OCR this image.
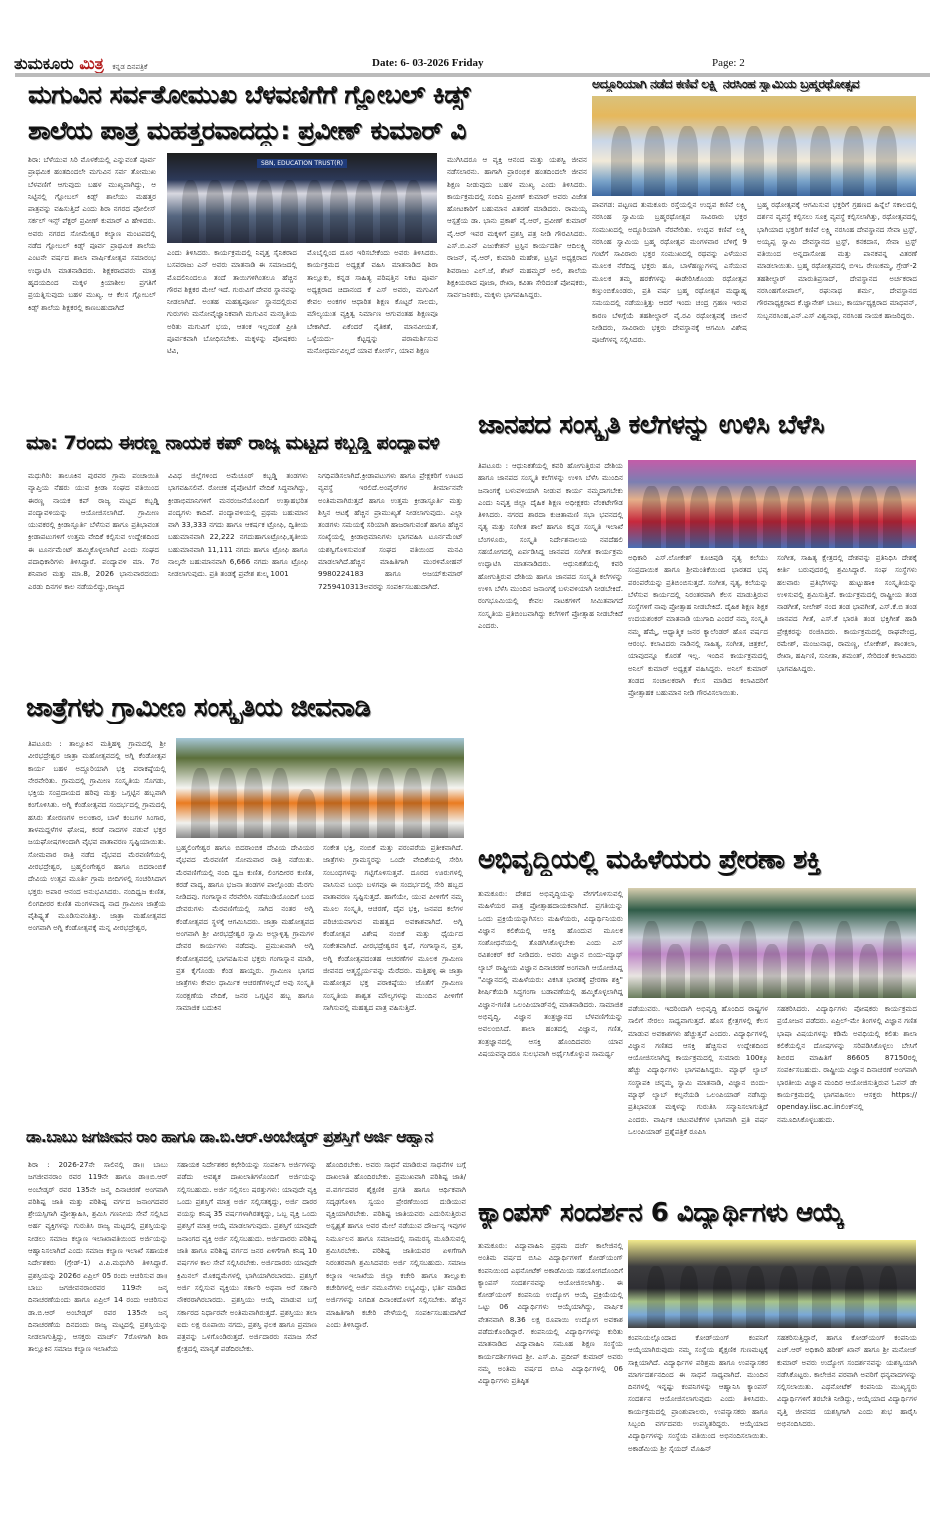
ತುಮಕೂರು ಮಿತ್ರ ಕನ್ನಡ ದಿನಪತ್ರಿಕೆ	Date: 6- 03-2026 Friday	Page: 2
ಮಗುವಿನ ಸರ್ವತೋಮುಖ ಬೆಳವಣಿಗೆಗೆ ಗ್ಲೋಬಲ್ ಕಿಡ್ಸ್
ಶಾಲೆಯ ಪಾತ್ರ ಮಹತ್ತರವಾದದ್ದು: ಪ್ರವೀಣ್ ಕುಮಾರ್ ವಿ
ಶಿರಾ: ಬೆಳೆಯುವ ಸಿರಿ ಮೊಳಕೆಯಲ್ಲಿ ಎನ್ನುವಂತೆ ಪೂರ್ವ ಪ್ರಾಥಮಿಕ ಹಂತದಿಂದಲೇ ಮಗುವಿನ ಸರ್ವ ತೋಮುಖ ಬೆಳವಣಿಗೆ ಆಗುವುದು ಬಹಳ ಮುಖ್ಯವಾಗಿದ್ದು, ಆ ನಿಟ್ಟಿನಲ್ಲಿ ಗ್ಲೋಬಲ್ ಕಿಡ್ಸ್ ಶಾಲೆಯು ಮಹತ್ತರ ಪಾತ್ರವನ್ನು ವಹಿಸುತ್ತಿದೆ ಎಂದು ಶಿರಾ ನಗರದ ಪೋಲೀಸ್ ಸರ್ಕಲ್ ಇನ್ಸ್ ಪೆಕ್ಟರ್ ಪ್ರವೀಣ್ ಕುಮಾರ್ ವಿ ಹೇಳಿದರು. ಅವರು ನಗರದ ಸೋಮೇಶ್ವರ ಕಲ್ಯಾಣ ಮಂಟಪದಲ್ಲಿ ನಡೆದ ಗ್ಲೋಬಲ್ ಕಿಡ್ಸ್ ಪೂರ್ವ ಪ್ರಾಥಮಿಕ ಶಾಲೆಯ ಎಂಟನೇ ವರ್ಷದ ಶಾಲಾ ವಾರ್ಷಿಕೋತ್ಸವ ಸಮಾರಂಭ ಉದ್ಘಾಟಿಸಿ ಮಾತನಾಡಿದರು. ಶಿಕ್ಷಕರಾದವರು ಮಾತ್ರ ಹೃದಯದಿಂದ ಮಕ್ಕಳ ಕ್ರಿಯಾಶೀಲ ಪ್ರಗತಿಗೆ ಪ್ರಯತ್ನಿಸುವುದು ಬಹಳ ಮುಖ್ಯ. ಆ ಕೆಲಸ ಗ್ಲೋಬಲ್ ಕಿಡ್ಸ್ ಶಾಲೆಯ ಶಿಕ್ಷಕರಲ್ಲಿ ಕಾಣಬಹುದಾಗಿದೆ
SBN, EDUCATION TRUST(R)
ಎಂದು ತಿಳಿಸಿದರು. ಕಾರ್ಯಕ್ರಮದಲ್ಲಿ ನಿವೃತ್ತ ಸೈನಿಕರಾದ ಬಸವರಾಜು ಎನ್ ಅವರು ಮಾತನಾಡಿ ಈ ಸಮಾಜದಲ್ಲಿ ಮೊದಲಿನಿಂದಲೂ ತಂದೆ ತಾಯಿಗಳಿಗಿಂತಲೂ ಹೆಚ್ಚಿನ ಗೌರವ ಶಿಕ್ಷಕರ ಮೇಲೆ ಇದೆ. ಗುರುವಿಗೆ ದೇವರ ಸ್ಥಾನವನ್ನು ನೀಡಲಾಗಿದೆ. ಅಂತಹ ಮಹತ್ವಪೂರ್ಣ ಸ್ಥಾನದಲ್ಲಿರುವ ಗುರುಗಳು ಮನೋವೈಜ್ಞಾನಿಕವಾಗಿ ಮಗುವಿನ ಮನಸ್ಥಿತಿಯ ಅರಿತು ಮಗುವಿಗೆ ಭಯ, ಆತಂಕ ಇಲ್ಲದಂತೆ ಪ್ರೀತಿ ಪೂರ್ವಕವಾಗಿ ಬೋಧಿಸಬೇಕು. ಮಕ್ಕಳನ್ನು ಪೋಷಕರು ಟಿವಿ,
ಮೊಬೈಲ್ಲಿಂದ ದೂರ ಇರಿಸಬೇಕೆಂದು ಅವರು ತಿಳಿಸಿದರು. ಕಾರ್ಯಕ್ರಮದ ಅಧ್ಯಕ್ಷತೆ ವಹಿಸಿ ಮಾತನಾಡಿದ ಶಿರಾ ತಾಲ್ಲೂಕು, ಕನ್ನಡ ಸಾಹಿತ್ಯ ಪರಿಷತ್ತಿನ ನಿಕಟ ಪೂರ್ವ ಅಧ್ಯಕ್ಷರಾದ ಚಿದಾನಂದ ಕೆ ಎಸ್ ಅವರು, ಮಗುವಿಗೆ ಕೇವಲ ಅಂಕಗಳ ಆಧಾರಿತ ಶಿಕ್ಷಣ ಕೊಟ್ಟರೆ ಸಾಲದು, ಮೌಲ್ಯಯುತ ವ್ಯಕ್ತಿತ್ವ ನಿರ್ಮಾಣ ಆಗುವಂತಹ ಶಿಕ್ಷಣವೂ ಬೇಕಾಗಿದೆ. ಏಕೆಂದರೆ ನೈತಿಕತೆ, ಮಾನವೀಯತೆ, ಒಳ್ಳೆಯದು- ಕೆಟ್ಟದ್ದನ್ನು ಪರಾಮರ್ಶಿಸುವ ಮನೋಧರ್ಮವಿಲ್ಲದೆ ಯಾವ ಕೋರ್ಸ್, ಯಾವ ಶಿಕ್ಷಣ
ಮುಗಿಸಿದರೂ ಆ ವ್ಯಕ್ತಿ ಆನಂದ ಮತ್ತು ಯಶಸ್ವಿ ಜೀವನ ನಡೆಸಲಾರನು. ಹಾಗಾಗಿ ಪ್ರಾರಂಭಿಕ ಹಂತದಿಂದಲೇ ಜೀವನ ಶಿಕ್ಷಣ ನೀಡುವುದು ಬಹಳ ಮುಖ್ಯ ಎಂದು ತಿಳಿಸಿದರು. ಕಾರ್ಯಕ್ರಮದಲ್ಲಿ ಸಂದಿನಿ ಪ್ರವೀಣ್ ಕುಮಾರ್ ಅವರು ವಿಜೇತ ಹೋಟಕಾರಿಗೆ ಬಹುಮಾನ ವಿತರಣೆ ಮಾಡಿದರು. ರಾಮಯ್ಯ ಆಸ್ಪತ್ರೆಯ ಡಾ. ಭಾನು ಪ್ರಕಾಶ್ ವೈ.ಆರ್, ಪ್ರವೀಣ್ ಕುಮಾರ್ ವೈ.ಆರ್ ಇವರ ಮಕ್ಕಳಿಗೆ ಪ್ರಶಸ್ತಿ ಪತ್ರ ನೀಡಿ ಗೌರವಿಸಿದರು. ಎಸ್.ಬಿ.ಎನ್ ಎಜುಕೇಶನ್ ಟ್ರಸ್ಟಿನ ಕಾರ್ಯದರ್ಶಿ ಆದಿಲಕ್ಷ್ಮಿ ರಾಜನ್, ವೈ.ಆರ್, ಕುಮಾರಿ ಮಹೇಶ, ಟ್ರಸ್ಟಿನ ಅಧ್ಯಕ್ಷರಾದ ಶಿವರಾಜು ಎಲ್.ಜೆ, ಶೇಖ್ ಮಹಮ್ಮದ್ ಅಲಿ, ಶಾಲೆಯ ಶಿಕ್ಷಕಿಯರಾದ ಪೂಜಾ, ರೇಖಾ, ಕವಿತಾ ಸೇರಿದಂತೆ ಪೋಷಕರು, ಸಾರ್ವಜನಿಕರು, ಮಕ್ಕಳು ಭಾಗವಹಿಸಿದ್ದರು.
ಅದ್ದೂರಿಯಾಗಿ ನಡೆದ ಕಣಿವೆ ಲಕ್ಷ್ಮಿ ನರಸಿಂಹ ಸ್ವಾಮಿಯ ಬ್ರಹ್ಮರಥೋತ್ಸವ
ಪಾವಗಡ: ಪಟ್ಟಣದ ತುಮಕೂರು ರಸ್ತೆಯಲ್ಲಿನ ಉದ್ಭವ ಕಣಿವೆ ಲಕ್ಷ್ಮಿ ನರಸಿಂಹ ಸ್ವಾಮಿಯ ಬ್ರಹ್ಮರಥೋತ್ಸವ ಸಾವಿರಾರು ಭಕ್ತರ ಸಂಮುಖದಲ್ಲಿ ಅದ್ದೂರಿಯಾಗಿ ನೆರವೇರಿತು. ಉದ್ಭವ ಕಣಿವೆ ಲಕ್ಷ್ಮಿ ನರಸಿಂಹ ಸ್ವಾಮಿಯ ಬ್ರಹ್ಮ ರಥೋತ್ಸವ ಮಂಗಳವಾರ ಬೆಳಿಗ್ಗೆ 9 ಗಂಟೆಗೆ ಸಾವಿರಾರು ಭಕ್ತರ ಸಂಮುಖದಲ್ಲಿ ರಥವನ್ನು ಎಳೆಯುವ ಮೂಲಕ ನೆರೆದಿದ್ದ ಭಕ್ತರು ಹೂ, ಬಾಳೆಹಣ್ಣುಗಳನ್ನ ಎಸೆಯುವ ಮೂಲಕ ತಮ್ಮ ಹರಕೆಗಳನ್ನು ಈಡೇರಿಸಿಕೊಂಡು ರಥೋತ್ಸವ ಕಣ್ತುಂಬಿಕೊಂಡರು, ಪ್ರತಿ ವರ್ಷ ಬ್ರಹ್ಮ ರಥೋತ್ಸವ ಮಧ್ಯಾಹ್ನ ಸಮಯದಲ್ಲಿ ನಡೆಯುತ್ತಿತ್ತು ಆದರೆ ಇಂದು ಚಂದ್ರ ಗ್ರಹಣ ಇರುವ ಕಾರಣ ಬೆಳಿಗ್ಗೆಯೆ ತಹಶೀಲ್ದಾರ್ ವೈ.ರವಿ ರಥೋತ್ಸವಕ್ಕೆ ಚಾಲನೆ ನೀಡಿದರು, ಸಾವಿರಾರು ಭಕ್ತರು ದೇವಸ್ಥಾನಕ್ಕೆ ಆಗಮಿಸಿ ವಿಶೇಷ ಪೂಜೆಗಳನ್ನ ಸಲ್ಲಿಸಿದರು.
ಬ್ರಹ್ಮ ರಥೋತ್ಸವಕ್ಕೆ ಆಗಮಿಸುವ ಭಕ್ತರಿಗೆ ಗ್ರಹಣದ ಹಿನ್ನೆಲೆ ಸಕಾಲದಲ್ಲಿ ದರ್ಶನ ವ್ಯವಸ್ಥೆ ಕಲ್ಪಿಸಲು ಸೂಕ್ತ ವ್ಯವಸ್ಥೆ ಕಲ್ಪಿಸಲಾಗಿತ್ತು, ರಥೋತ್ಸವದಲ್ಲಿ ಭಾಗಿಯಾದ ಭಕ್ತರಿಗೆ ಕಣಿವೆ ಲಕ್ಷ್ಮಿ ನರಸಿಂಹ ದೇವಸ್ಥಾನದ ಸೇವಾ ಟ್ರಸ್ಟ್, ಅಯ್ಯಪ್ಪ ಸ್ವಾಮಿ ದೇವಸ್ಥಾನದ ಟ್ರಸ್ಟ್, ಕನಕದಾಸ, ಸೇವಾ ಟ್ರಸ್ಟ್ ವತಿಯಿಂದ ಅನ್ನದಾಸೋಹ ಮತ್ತು ಪಾನಕವನ್ನ ವಿತರಣೆ ಮಾಡಲಾಯಿತು. ಬ್ರಹ್ಮ ರಥೋತ್ಸವದಲ್ಲಿ ಬಿಇಒ ರೇಣುಕಮ್ಮ, ಗ್ರೇಡ್-2 ತಹಶೀಲ್ದಾರ್ ಮಾರುತಿಪ್ರಸಾದ್, ದೇವಸ್ಥಾನದ ಅರ್ಚಕರಾದ ನರಸಿಂಹಗೋಪಾಲ್, ರಘುನಾಥ ಶರ್ಮ, ದೇವಸ್ಥಾನದ ಗೌರವಾಧ್ಯಕ್ಷರಾದ ಕೆ.ಜ್ಞಾನೇಶ್ ಬಾಬು, ಕಾರ್ಯಾಧ್ಯಕ್ಷರಾದ ಮಾಧವನ್, ಸುಬ್ಬನರಸಿಂಹ,ಎನ್.ಎಸ್ ವಿಶ್ವನಾಥ, ನರಸಿಂಹ ನಾಯಕ ಹಾಜರಿದ್ದರು.
ಮಾ: 7ರಂದು ಈರಣ್ಣ ನಾಯಕ ಕಪ್ ರಾಜ್ಯ ಮಟ್ಟದ ಕಬ್ಬಡ್ಡಿ ಪಂದ್ಯಾವಳಿ
ಮಧುಗಿರಿ: ತಾಲೂಕಿನ ಪುರವರ ಗ್ರಾಮ ಪಂಚಾಯಿತಿ ವ್ಯಾಪ್ತಿಯ ನೆಹರು ಯುವ ಕ್ರೀಡಾ ಸಂಘದ ವತಿಯಿಂದ ಈರಣ್ಣ ನಾಯಕ ಕಪ್ ರಾಜ್ಯ ಮಟ್ಟದ ಕಬ್ಬಡ್ಡಿ ಪಂದ್ಯಾವಳಿಯನ್ನು ಆಯೋಜಿಸಲಾಗಿದೆ. ಗ್ರಾಮೀಣ ಯುವಕರಲ್ಲಿ ಕ್ರೀಡಾಸ್ಫೂರ್ತಿ ಬೆಳೆಸುವ ಹಾಗೂ ಪ್ರತಿಭಾವಂತ ಕ್ರೀಡಾಪಟುಗಳಿಗೆ ಉತ್ತಮ ವೇದಿಕೆ ಕಲ್ಪಿಸುವ ಉದ್ದೇಶದಿಂದ ಈ ಟೂರ್ನಮೆಂಟ್ ಹಮ್ಮಿಕೊಳ್ಳಲಾಗಿದೆ ಎಂದು ಸಂಘದ ಪದಾಧಿಕಾರಿಗಳು ತಿಳಿಸಿದ್ದಾರೆ. ಪಂದ್ಯಾವಳಿ ಮಾ. 7ರ ಶನಿವಾರ ಮತ್ತು ಮಾ.8, 2026 ಭಾನುವಾರದಂದು ಎರಡು ದಿನಗಳ ಕಾಲ ನಡೆಯಲಿದ್ದು,ರಾಜ್ಯದ
ವಿವಿಧ ಜಿಲ್ಲೆಗಳಿಂದ ಅಮೆಚೂರ್ ಕಬ್ಬಡ್ಡಿ ತಂಡಗಳು ಭಾಗವಹಿಸಲಿವೆ. ರೋಚಕ ಪೈಪೋಟಿಗೆ ವೇದಿಕೆ ಸಿದ್ಧವಾಗಿದ್ದು, ಕ್ರೀಡಾಭಿಮಾನಿಗಳಿಗೆ ಮನರಂಜನೆಯೊಂದಿಗೆ ಉತ್ಸಾಹಭರಿತ ಪಂದ್ಯಗಳು ಕಾದಿವೆ. ಪಂದ್ಯಾವಳಿಯಲ್ಲಿ ಪ್ರಥಮ ಬಹುಮಾನ ವಾಗಿ 33,333 ನಗದು ಹಾಗೂ ಆಕರ್ಷಕ ಟ್ರೋಫಿ, ದ್ವಿತೀಯ ಬಹುಮಾನವಾಗಿ 22,222 ನಗದುಹಾಗೂಟ್ರೋಫಿ,ತೃತೀಯ ಬಹುಮಾನವಾಗಿ 11,111 ನಗದು ಹಾಗೂ ಟ್ರೋಫಿ ಹಾಗೂ ನಾಲ್ಕನೇ ಬಹುಮಾನವಾಗಿ 6,666 ನಗದು ಹಾಗೂ ಟ್ರೋಫಿ ನೀಡಲಾಗುವುದು. ಪ್ರತಿ ತಂಡಕ್ಕೆ ಪ್ರವೇಶ ಶುಲ್ಕ 1001
ನಿಗಧಿಪಡಿಸಲಾಗಿದೆ.ಕ್ರೀಡಾಪಟುಗಳು ಹಾಗೂ ಪ್ರೇಕ್ಷಕರಿಗೆ ಊಟದ ವ್ಯವಸ್ಥೆ ಇರಲಿದೆ.ಅಂಪೈರ್‌ಗಳ ತೀರ್ಮಾನವೇ ಅಂತಿಮವಾಗಿರುತ್ತದೆ ಹಾಗೂ ಉತ್ತಮ ಕ್ರೀಡಾಸ್ಫೂರ್ತಿ ಮತ್ತು ಶಿಸ್ತಿನ ಆಟಕ್ಕೆ ಹೆಚ್ಚಿನ ಪ್ರಾಮುಖ್ಯತೆ ನೀಡಲಾಗುವುದು. ಎಲ್ಲಾ ತಂಡಗಳು ಸಮಯಕ್ಕೆ ಸರಿಯಾಗಿ ಹಾಜರಾಗುವಂತೆ ಹಾಗೂ ಹೆಚ್ಚಿನ ಸಂಖ್ಯೆಯಲ್ಲಿ ಕ್ರೀಡಾಭಿಮಾನಿಗಳು ಭಾಗವಹಿಸಿ ಟೂರ್ನಮೆಂಟ್ ಯಶಸ್ವಿಗೊಳಿಸುವಂತೆ ಸಂಘದ ವತಿಯಿಂದ ಮನವಿ ಮಾಡಲಾಗಿದೆ.ಹೆಚ್ಚಿನ ಮಾಹಿತಿಗಾಗಿ ಮುರಳಿಮೋಹನ್ 9980224183 ಹಾಗೂ ಅಜಯ್‌ಕುಮಾರ್ 7259410313ಅವರನ್ನು ಸಂಪರ್ಕಿಸಬಹುದಾಗಿದೆ.
ಜಾನಪದ ಸಂಸ್ಕೃತಿ ಕಲೆಗಳನ್ನು ಉಳಿಸಿ ಬೆಳೆಸಿ
ತಿಪಟೂರು : ಆಧುನಿಕತೆಯಲ್ಲಿ ಕವರಿ ಹೋಗುತ್ತಿರುವ ದೇಶಿಯ ಹಾಗೂ ಜಾನಪದ ಸಂಸ್ಕೃತಿ ಕಲೆಗಳನ್ನು ಉಳಿಸಿ ಬೆಳೆಸಿ ಮುಂದಿನ ಜನಾಂಗಕ್ಕೆ ಬಳುವಳಿಯಾಗಿ ನೀಡುವ ಕಾರ್ಯ ನಮ್ಮದಾಗಬೇಕು ಎಂದು ನಿವೃತ್ತ ಜಿಲ್ಲಾ ದೈಹಿಕ ಶಿಕ್ಷಣ ಅಧೀಕ್ಷಕರು ವೆಂಕಟೇಗೌಡ ತಿಳಿಸಿದರು. ನಗರದ ಶಾರದಾ ಕುಚಿತಾಮಣಿ ಸಭಾ ಭವನದಲ್ಲಿ ನೃತ್ಯ ಮತ್ತು ಸಂಗೀತ ಶಾಲೆ ಹಾಗೂ ಕನ್ನಡ ಸಂಸ್ಕೃತಿ ಇಲಾಖೆ ಬೆಂಗಳೂರು, ಸಂಸ್ಕೃತಿ ನಿರ್ದೇಶನಾಲಯ ನವದೆಹಲಿ ಸಹಯೋಗದಲ್ಲಿ ಏರ್ಪಡಿಸಿದ್ದ ಜಾನಪದ ಸಂಗೀತ ಕಾರ್ಯಕ್ರಮ ಉದ್ಘಾಟಿಸಿ ಮಾತನಾಡಿದರು. ಆಧುನಿಕತೆಯಲ್ಲಿ ಕವರಿ ಹೋಗುತ್ತಿರುವ ದೇಶಿಯ ಹಾಗೂ ಜಾನಪದ ಸಂಸ್ಕೃತಿ ಕಲೆಗಳನ್ನು ಉಳಿಸಿ ಬೆಳೆಸಿ ಮುಂದಿನ ಜನಾಂಗಕ್ಕೆ ಬಳುವಳಿಯಾಗಿ ನೀಡಬೇಕಿದೆ. ರಂಗಭೂಮಿಯಲ್ಲಿ ಕೇವಲ ನಾಟಕಗಳಿಗೆ ಸೀಮಿತವಾಗದೆ ಸಂಸ್ಕೃತಿಯ ಪ್ರತಿಬಿಂಬವಾಗಿದ್ದು ಕಲೆಗಳಿಗೆ ಪ್ರೋತ್ಸಾಹ ನೀಡಬೇಕಿದೆ ಎಂದರು.
ಅಧಿಕಾರಿ ಎಸ್.ಲೋಕೇಶ್ ಕೂಚಿಪುಡಿ ನೃತ್ಯ ಕಲೆಯು ಸಂಪ್ರದಾಯಿಕ ಹಾಗೂ ಶ್ರೀಮಂತಿಕೆಯಿಂದ ಭಾರತದ ಭವ್ಯ ಪರಂಪರೆಯನ್ನು ಪ್ರತಿಬಿಂಬಿಸುತ್ತದೆ. ಸಂಗೀತ, ನೃತ್ಯ, ಕಲೆಯನ್ನು ಬೆಳೆಸುವ ಕಾರ್ಯದಲ್ಲಿ ನಿರಂತರವಾಗಿ ಕೆಲಸ ಮಾಡುತ್ತಿರುವ ಸಂಸ್ಥೆಗಳಿಗೆ ನಾವು ಪ್ರೋತ್ಸಾಹ ನೀಡಬೇಕಿದೆ. ದೈಹಿಕ ಶಿಕ್ಷಣ ಶಿಕ್ಷಕ ಉದಯಶಂಕರ್ ಮಾತನಾಡಿ ಯುಗಾದಿ ಎಂದರೆ ನಮ್ಮ ಸಂಸ್ಕೃತಿ ನಮ್ಮ ಹೆಮ್ಮೆ, ಆಧ್ಯಾತ್ಮಿಕ ಜನರ ಕ್ಯಾಲೆಂಡರ್ ಹೊಸ ವರ್ಷದ ಆರಂಭ. ಕಲಾವಿದರು ನಾಡಿನಲ್ಲಿ ಸಾಹಿತ್ಯ, ಸಂಗೀತ, ಚಿತ್ರಕಲೆ, ಯಾವುದನ್ನೂ ಕೊರತೆ ಇಲ್ಲ. ಇಂದಿನ ಕಾರ್ಯಕ್ರಮದಲ್ಲಿ ಅನಿಲ್ ಕುಮಾರ್ ಅಧ್ಯಕ್ಷತೆ ವಹಿಸಿದ್ದರು. ಅನಿಲ್ ಕುಮಾರ್ ತಂಡದ ಸಂಚಾಲಕರಾಗಿ ಕೆಲಸ ಮಾಡಿದ ಕಲಾವಿದರಿಗೆ ಪ್ರೋತ್ಸಾಹಕ ಬಹುಮಾನ ನೀಡಿ ಗೌರವಿಸಲಾಯಿತು.
ಸಂಗೀತ, ಸಾಹಿತ್ಯ ಕ್ಷೇತ್ರದಲ್ಲಿ ದೇಶವನ್ನು ಪ್ರತಿನಿಧಿಸಿ ದೇಶಕ್ಕೆ ಕೀರ್ತಿ ಬರುವುದರಲ್ಲಿ ಶ್ರಮಿಸಿದ್ದಾರೆ. ಸಂಘ ಸಂಸ್ಥೆಗಳು ಹಲವಾರು ಪ್ರತಿಭೆಗಳನ್ನು ಹುಟ್ಟುಹಾಕಿ ಸಂಸ್ಕೃತಿಯನ್ನು ಉಳಿಸುವಲ್ಲಿ ಶ್ರಮಿಸುತ್ತಿವೆ. ಕಾರ್ಯಕ್ರಮದಲ್ಲಿ ರಾಷ್ಟ್ರೀಯ ತಂಡ ನಾಡಗೀತೆ, ನೀಲೇಶ್ ನಂದ ತಂಡ ಭಾವಗೀತೆ, ಎಸ್.ಕೆ.ಬಿ ತಂಡ ಜಾನಪದ ಗೀತೆ, ಎಸ್.ಕೆ ಭಾರತಿ ತಂಡ ಭಕ್ತಿಗೀತೆ ಹಾಡಿ ಪ್ರೇಕ್ಷಕರನ್ನು ರಂಜಿಸಿದರು. ಕಾರ್ಯಕ್ರಮದಲ್ಲಿ ರಾಘವೇಂದ್ರ, ರಮೇಶ್, ಮಂಜುನಾಥ, ರಾಮಣ್ಣ, ಲೋಕೇಶ್, ಶಾಂತಲಾ, ರೇಖಾ, ಹರ್ಷಿಣಿ, ಸುನೀತಾ, ಶಮಂತ್, ಸೇರಿದಂತೆ ಕಲಾವಿದರು ಭಾಗವಹಿಸಿದ್ದರು.
ಜಾತ್ರೆಗಳು ಗ್ರಾಮೀಣ ಸಂಸ್ಕೃತಿಯ ಜೀವನಾಡಿ
ತಿಪಟೂರು : ತಾಲ್ಲೂಕಿನ ಮತ್ತಿಹಳ್ಳಿ ಗ್ರಾಮದಲ್ಲಿ ಶ್ರೀ ವೀರಭದ್ರೇಶ್ವರ ಜಾತ್ರಾ ಮಹೋತ್ಸವದಲ್ಲಿ ಅಗ್ನಿ ಕೆಂಡೋತ್ಸವ ಕಾರ್ಯ ಬಹಳ ಅದ್ದೂರಿಯಾಗಿ ಭಕ್ತಿ ಪರಾಕಷ್ಠೆಯಲ್ಲಿ ನೇರವೇರಿತು. ಗ್ರಾಮದಲ್ಲಿ ಗ್ರಾಮೀಣ ಸಂಸ್ಕೃತಿಯ ಸೊಗಡು, ಭಕ್ತಿಯ ಸಂಪ್ರದಾಯದ ಹರಿವು ಮತ್ತು ಒಗ್ಗಟ್ಟಿನ ಹಬ್ಬವಾಗಿ ಕಂಗೊಳಿಸಿತು. ಅಗ್ನಿ ಕೆಂಡೋತ್ಸವದ ಸಂದರ್ಭದಲ್ಲಿ ಗ್ರಾಮದಲ್ಲಿ ಹಸಿರು ತೋರಣಗಳ ಅಲಂಕಾರ, ಬಾಳೆ ಕಂಬಗಳ ಸಿಂಗಾರ, ತಾಳಮದ್ದಳೆಗಳ ಘೋಷ, ಕರಡೆ ನಾದಗಳ ನಡುವೆ ಭಕ್ತರ ಜಯಘೋಷಗಳಿಂದಾಗಿ ವೈಭವ ವಾತಾವರಣ ಸೃಷ್ಟಿಯಾಯಿತು. ಸೋಮವಾರ ರಾತ್ರಿ ನಡೆದ ವೈಭವದ ಮೆರವಣಿಗೆಯಲ್ಲಿ ವೀರಭದ್ರೇಶ್ವರ, ಬ್ರಹ್ಮಲಿಂಗೇಶ್ವರ ಹಾಗೂ ಬಿದರಾಂಬಿಕೆ ದೇವಿಯ ಉತ್ಸವ ಮೂರ್ತಿ ಗ್ರಾಮ ಬೀದಿಗಳಲ್ಲಿ ಸಂಚರಿಸಿದಾಗ ಭಕ್ತರು ಅಪಾರ ಆನಂದ ಅನುಭವಿಸಿದರು. ನಂದಿಧ್ವಜ ಕುಣಿತ, ಲಿಂಗದೀರರ ಕುಣಿತ ಮಂಗಳವಾದ್ಯ ನಾದ ಗ್ರಾಮೀಣ ಜಾತ್ರೆಯ ವೈಶಿಷ್ಟ್ಯತೆ ಮೂಡಿಸುವಂತಿತ್ತು. ಜಾತ್ರಾ ಮಹೋತ್ಸವದ ಅಂಗವಾಗಿ ಅಗ್ನಿ ಕೆಂಡೋತ್ಸವಕ್ಕೆ ಮನ್ನ ವೀರಭದ್ರೇಶ್ವರ,
ಬ್ರಹ್ಮಲಿಂಗೇಶ್ವರ ಹಾಗೂ ಬಿದರಾಂಬಿಕ ದೇವಿಯ ದೇವಿಯರ ವೈಭವದ ಮೆರವಣಿಗೆ ಸೋಮವಾರ ರಾತ್ರಿ ನಡೆಯಿತು. ಮೆರವಣಿಗೆಯಲ್ಲಿ ನಂದಿ ಧ್ವಜ ಕುಣಿತ, ಲಿಂಗದೀರರ ಕುಣಿತ, ಕರಡೆ ವಾದ್ಯ, ಹಾಗೂ ಭಜನಾ ತಂಡಗಳ ಪಾಲ್ಗೊಂಡು ಮೆರಗು ನೀಡಿದವು. ಗಂಗಾಸ್ನಾನ ನೆರವೇರಿಸಿ ನಡೆಮುಡಿಯೊಂದಿಗೆ ಬಂದ ದೇವರುಗಳು ಮೆರವಣಿಗೆಯಲ್ಲಿ ಸಾಗಿದ ನಂತರ ಅಗ್ನಿ ಕೆಂಡೋತ್ಸವದ ಸ್ಥಳಕ್ಕೆ ಆಗಮಿಸಿದರು. ಜಾತ್ರಾ ಮಹೋತ್ಸವದ ಅಂಗವಾಗಿ ಶ್ರೀ ವೀರಭದ್ರೇಶ್ವರ ಸ್ವಾಮಿ ಅಲ್ಲಾಳ್ಳಿತ್ವ ಗ್ರಾಮಗಳ ದೇವರ ಕಾರ್ಯಗಳು ನಡೆದವು. ಪ್ರಮುಖವಾಗಿ ಅಗ್ನಿ ಕೆಂಡೋತ್ಸವದಲ್ಲಿ ಭಾಗವಹಿಸುವ ಭಕ್ತರು ಗಂಗಾಸ್ನಾನ ಮಾಡಿ, ವ್ರತ ಕೈಗೊಂಡು ಕೆಂಡ ಹಾಯ್ದರು. ಗ್ರಾಮೀಣ ಭಾಗದ ಜಾತ್ರೆಗಳು ಕೇವಲ ಧಾರ್ಮಿಕ ಆಚರಣೆಗಳಲ್ಲದೆ ಅವು ಸಂಸ್ಕೃತಿ ಸಂರಕ್ಷಣೆಯ ವೇದಿಕೆ, ಜನರ ಒಗ್ಗಟ್ಟಿನ ಹಬ್ಬ ಹಾಗೂ ಸಾಮಾಜಿಕ ಬದುಕಿನ
ಸಂಕೇತ ಭಕ್ತಿ, ನಂಬಿಕೆ ಮತ್ತು ಪರಂಪರೆಯ ಪ್ರತೀಕವಾಗಿದೆ. ಜಾತ್ರೆಗಳು ಗ್ರಾಮಸ್ಥರನ್ನು ಒಂದೇ ವೇದಿಕೆಯಲ್ಲಿ ಸೇರಿಸಿ ಸಂಬಂಧಗಳನ್ನು ಗಟ್ಟಿಗೊಳಿಸುತ್ತವೆ. ದೂರದ ಊರುಗಳಲ್ಲಿ ವಾಸಿಸುವ ಬಂಧು ಬಳಗವೂ ಈ ಸಂದರ್ಭದಲ್ಲಿ ಸೇರಿ ಹಬ್ಬದ ವಾತಾವರಣ ಸೃಷ್ಟಿಸುತ್ತದೆ. ಹಾಗೆಯೇ, ಯುವ ಪೀಳಿಗೆಗೆ ನಮ್ಮ ಮೂಲ ಸಂಸ್ಕೃತಿ, ಆಚರಣೆ, ದೈವ ಭಕ್ತಿ, ಜನಪದ ಕಲೆಗಳ ಪರಿಚಯವಾಗುವ ಮಹತ್ವದ ಅವಕಾಶವಾಗಿದೆ. ಅಗ್ನಿ ಕೆಂಡೋತ್ಸವ ವಿಶೇಷ ನಂಬಿಕೆ ಮತ್ತು ಧೈರ್ಯದ ಸಂಕೇತವಾಗಿದೆ. ವೀರಭದ್ರೇಶ್ವರನ ಕೃಪೆ, ಗಂಗಾಸ್ನಾನ, ವ್ರತ, ಅಗ್ನಿ ಕೆಂಡೋತ್ಸವದಂತಹ ಆಚರಣೆಗಳ ಮೂಲಕ ಗ್ರಾಮೀಣ ಜೀವನದ ಆತ್ಮಸ್ಥೈರ್ಯವನ್ನು ಮೆರೆದರು. ಮತ್ತಿಹಳ್ಳಿ ಈ ಜಾತ್ರಾ ಮಹೋತ್ಸವ ಭಕ್ತ ಪರಾಕಷ್ಠೆಯು ಜೊತೆಗೆ ಗ್ರಾಮೀಣ ಸಂಸ್ಕೃತಿಯ ಶಾಶ್ವತ ಮೌಲ್ಯಗಳನ್ನು ಮುಂದಿನ ಪೀಳಿಗೆಗೆ ಸಾಗಿಸುವಲ್ಲಿ ಮಹತ್ವದ ಪಾತ್ರ ವಹಿಸುತ್ತಿದೆ.
ಅಭಿವೃದ್ಧಿಯಲ್ಲಿ ಮಹಿಳೆಯರು ಪ್ರೇರಣಾ ಶಕ್ತಿ
ತುಮಕೂರು: ದೇಶದ ಅಭಿವೃದ್ಧಿಯನ್ನು ವೇಗಗೊಳಿಸುವಲ್ಲಿ ಮಹಿಳೆಯರ ಪಾತ್ರ ಪ್ರೋತ್ಸಾಹದಾಯಕವಾಗಿದೆ. ಪ್ರಗತಿಯನ್ನು ಒಂದು ಪ್ರಕ್ರಿಯೆಯನ್ನಾಗಿಸಲು ಮಹಿಳೆಯರು, ವಿದ್ಯಾರ್ಥಿನಿಯರು ವಿಜ್ಞಾನ ಕಲಿಕೆಯಲ್ಲಿ ಆಸಕ್ತಿ ಹೊಂದುವ ಮೂಲಕ ಸಂಶೋಧನೆಯಲ್ಲಿ ತೊಡಗಿಸಿಕೊಳ್ಳಬೇಕು ಎಂದು ಎಸ್ ರವಿಶಂಕರ್ ಕರೆ ನೀಡಿದರು. ಅವರು ವಿಜ್ಞಾನ ಬಿಂದು-ಮ್ಯಾಥ್ ಲ್ಯಾಬ್ ರಾಷ್ಟ್ರೀಯ ವಿಜ್ಞಾನ ದಿನಾಚರಣೆ ಅಂಗವಾಗಿ ಆಯೋಜಿಸಿದ್ದ "ವಿಜ್ಞಾನದಲ್ಲಿ ಮಹಿಳೆಯರು: ವಿಕಸಿತ ಭಾರತಕ್ಕೆ ಪ್ರೇರಣಾ ಶಕ್ತಿ" ಶೀರ್ಷಿಕೆಯಡಿ ಸಿದ್ಧಗಂಗಾ ಬಡಾವಣೆಯಲ್ಲಿ ಹಮ್ಮಿಕೊಳ್ಳಲಾಗಿದ್ದ ವಿಜ್ಞಾನ-ಗಣಿತ ಒಲಂಪಿಯಾಡ್‌ನಲ್ಲಿ ಮಾತನಾಡಿದರು. ಸಾಮಾಜಿಕ ಅಭಿವೃದ್ಧಿ, ವಿಜ್ಞಾನ ತಂತ್ರಜ್ಞಾನದ ಬೆಳವಣಿಗೆಯನ್ನು ಅವಲಂಬಿಸಿದೆ. ಶಾಲಾ ಹಂತದಲ್ಲಿ ವಿಜ್ಞಾನ, ಗಣಿತ, ತಂತ್ರಜ್ಞಾನದಲ್ಲಿ ಆಸಕ್ತಿ ಹೊಂದಿದವರು ಯಾವ ವಿಷಯವನ್ನಾದರೂ ಸುಲಭವಾಗಿ ಅರ್ಥೈಸಿಕೊಳ್ಳುವ ಸಾಮರ್ಥ್ಯ
ಪಡೆಯುವರು. ಇದರಿಂದಾಗಿ ಅಭಿವೃದ್ಧಿ ಹೊಂದಿದ ರಾಷ್ಟ್ರಗಳ ಸಾಲಿಗೆ ಸೇರಲು ಸಾಧ್ಯವಾಗುತ್ತದೆ. ಹೊಸ ಕ್ಷೇತ್ರಗಳಲ್ಲಿ ಕೆಲಸ ಮಾಡುವ ಅವಕಾಶಗಳು ಹೆಚ್ಚುತ್ತವೆ ಎಂದರು. ವಿದ್ಯಾರ್ಥಿಗಳಲ್ಲಿ ವಿಜ್ಞಾನ ಗಣಿತದ ಆಸಕ್ತಿ ಹೆಚ್ಚಿಸುವ ಉದ್ದೇಶದಿಂದ ಆಯೋಜಿಸಲಾಗಿದ್ದ ಕಾರ್ಯಕ್ರಮದಲ್ಲಿ ಸುಮಾರು 100ಕ್ಕೂ ಹೆಚ್ಚು ವಿದ್ಯಾರ್ಥಿಗಳು ಭಾಗವಹಿಸಿದ್ದರು. ಮ್ಯಾಥ್ ಲ್ಯಾಬ್ ಸಂಸ್ಥಾಪಕಿ ಚನ್ನಮ್ಮ ಸ್ವಾಮಿ ಮಾತನಾಡಿ, ವಿಜ್ಞಾನ ಬಿಂದು-ಮ್ಯಾಥ್ ಲ್ಯಾಬ್ ಕಲ್ಪನೆಯಡಿ ಒಲಂಪಿಯಾಡ್ ನಡೆಸಿದ್ದು ಪ್ರತಿಭಾವಂತ ಮಕ್ಕಳನ್ನು ಗುರುತಿಸಿ ಸನ್ಮಾನಿಸಲಾಗುತ್ತಿದೆ ಎಂದರು. ವಾರ್ಷಿಕ ಚಟುವಟಿಕೆಗಳ ಭಾಗವಾಗಿ ಪ್ರತಿ ವರ್ಷ ಒಲಂಪಿಯಾಡ್ ಪ್ರಶ್ನೆಪತ್ರಿಕೆ ರೂಪಿಸಿ
ಸಹಕರಿಸಿದರು. ವಿದ್ಯಾರ್ಥಿಗಳು ಪೋಷಕರು ಕಾರ್ಯಕ್ರಮದ ಪ್ರಯೋಜನ ಪಡೆದರು. ಏಪ್ರಿಲ್-ಮೇ ತಿಂಗಳಲ್ಲಿ ವಿಜ್ಞಾನ ಗಣಿತ ಭಾಷಾ ವಿಷಯಗಳನ್ನು ಕಡಿಮೆ ಅವಧಿಯಲ್ಲಿ ಕಲಿತು ಶಾಲಾ ಕಲಿಕೆಯಲ್ಲಿನ ದೋಷಗಳನ್ನು ಸರಿಪಡಿಸಿಕೊಳ್ಳಲು ಬೇಸಿಗೆ ಶಿಬಿರದ ಮಾಹಿತಿಗೆ 86605 87150ರಲ್ಲಿ ಸಂಪರ್ಕಿಸಬಹುದು. ರಾಷ್ಟ್ರೀಯ ವಿಜ್ಞಾನ ದಿನಾಚರಣೆ ಅಂಗವಾಗಿ ಭಾರತೀಯ ವಿಜ್ಞಾನ ಮಂದಿರ ಆಯೋಜಿಸುತ್ತಿರುವ ಓಪನ್ ಡೇ ಕಾರ್ಯಕ್ರಮದಲ್ಲಿ ಭಾಗವಹಿಸಲು ಆಸಕ್ತರು https:// openday.iisc.ac.inಲಿಂಕ್‌ನಲ್ಲಿ ನಮೂದಿಸಿಕೊಳ್ಳಬಹುದು.
ಡಾ.ಬಾಬು ಜಗಜೀವನ ರಾಂ ಹಾಗೂ ಡಾ.ಬಿ.ಆರ್.ಅಂಬೇಡ್ಕರ್ ಪ್ರಶಸ್ತಿಗೆ ಅರ್ಜಿ ಆಹ್ವಾನ
ಶಿರಾ : 2026-27ನೇ ಸಾಲಿನಲ್ಲಿ ಡಾ॥ ಬಾಬು ಜಗಜೀವನರಾಂ ರವರ 119ನೇ ಹಾಗೂ ಡಾ॥ಬಿ.ಆರ್ ಅಂಬೇಡ್ಕರ್ ರವರ 135ನೇ ಜನ್ಮ ದಿನಾಚರಣೆ ಅಂಗವಾಗಿ ಪರಿಶಿಷ್ಟ ಜಾತಿ ಮತ್ತು ಪರಿಶಿಷ್ಟ ವರ್ಗದ ಜನಾಂಗದವರ ಶ್ರೇಯಸ್ಸಿಗಾಗಿ ಪ್ರೋತ್ಸಾಹಿಸಿ, ಶ್ರಮಿಸಿ ಗಣನೀಯ ಸೇವೆ ಸಲ್ಲಿಸಿದ ಅರ್ಹ ವ್ಯಕ್ತಿಗಳನ್ನು ಗುರುತಿಸಿ ರಾಜ್ಯ ಮಟ್ಟದಲ್ಲಿ ಪ್ರಶಸ್ತಿಯನ್ನು ನೀಡಲು ಸಮಾಜ ಕಲ್ಯಾಣ ಇಲಾಖಾವತಿಯಿಂದ ಅರ್ಜಿಯನ್ನು ಆಹ್ವಾನಿಸಲಾಗಿದೆ ಎಂದು ಸಮಾಜ ಕಲ್ಯಾಣ ಇಲಾಖೆ ಸಹಾಯಕ ನಿರ್ದೇಶಕರು (ಗ್ರೇಡ್-1) ವಿ.ಪಿ.ಮಧುಗಿರಿ ತಿಳಿಸಿದ್ದಾರೆ. ಪ್ರಶಸ್ತಿಯನ್ನು 2026ರ ಏಪ್ರಿಲ್ 05 ರಂದು ಆಚರಿಸುವ ಡಾ॥ಬಾಬು ಜಗಜೀವನರಾಂರವರ 119ನೇ ಜನ್ಮ ದಿನಾಚರಣೆಯಂದು ಹಾಗೂ ಏಪ್ರಿಲ್ 14 ರಂದು ಆಚರಿಸುವ ಡಾ.ಬಿ.ಆರ್ ಅಂಬೇಡ್ಕರ್ ರವರ 135ನೇ ಜನ್ಮ ದಿನಾಚರಣೆಯ ದಿನದಂದು ರಾಜ್ಯ ಮಟ್ಟದಲ್ಲಿ ಪ್ರಶಸ್ತಿಯನ್ನು ನೀಡಲಾಗುತ್ತಿದ್ದು, ಆಸಕ್ತರು ಮಾರ್ಚ್ 7ರೊಳಗಾಗಿ ಶಿರಾ ತಾಲ್ಲೂಕಿನ ಸಮಾಜ ಕಲ್ಯಾಣ ಇಲಾಖೆಯ
ಸಹಾಯಕ ನಿರ್ದೇಶಕರ ಕಛೇರಿಯನ್ನು ಸಂಪರ್ಕಿಸಿ ಅರ್ಜಿಗಳನ್ನು ಪಡೆದು ಅವಶ್ಯಕ ದಾಖಲಾತಿಗಳೊಂದಿಗೆ ಅರ್ಜಿಯನ್ನು ಸಲ್ಲಿಸಬಹುದು. ಅರ್ಜಿ ಸಲ್ಲಿಸಲು ಷರತ್ತುಗಳು: ಯಾವುದೇ ವ್ಯಕ್ತಿ ಒಂದು ಪ್ರಶಸ್ತಿಗೆ ಮಾತ್ರ ಅರ್ಜಿ ಸಲ್ಲಿಸತಕ್ಕದ್ದು, ಅರ್ಜಿ ದಾರರ ವಯಸ್ಸು ಕನಿಷ್ಠ 35 ವರ್ಷಗಳಾಗಿರತಕ್ಕದ್ದು, ಒಬ್ಬ ವ್ಯಕ್ತಿ ಒಂದು ಪ್ರಶಸ್ತಿಗೆ ಮಾತ್ರ ಆಯ್ಕೆ ಮಾಡಲಾಗುವುದು. ಪ್ರಶಸ್ತಿಗೆ ಯಾವುದೇ ಜನಾಂಗದ ವ್ಯಕ್ತಿ ಅರ್ಜಿ ಸಲ್ಲಿಸಬಹುದು. ಅರ್ಜಿದಾರರು ಪರಿಶಿಷ್ಟ ಜಾತಿ ಹಾಗೂ ಪರಿಶಿಷ್ಟ ವರ್ಗದ ಜನರ ಏಳಿಗೆಗಾಗಿ ಕನಿಷ್ಠ 10 ವರ್ಷಗಳ ಕಾಲ ಸೇವೆ ಸಲ್ಲಿಸಿರಬೇಕು. ಅರ್ಜಿದಾರರು ಯಾವುದೇ ಕ್ರಿಮಿನಲ್ ಮೊಕದ್ದಮೆಗಳಲ್ಲಿ ಭಾಗಿಯಾಗಿರಬಾರದು. ಪ್ರಶಸ್ತಿಗೆ ಅರ್ಜಿ ಸಲ್ಲಿಸುವ ವ್ಯಕ್ತಿಯು ಸರ್ಕಾರಿ ಅಥವಾ ಅರೆ ಸರ್ಕಾರಿ ನೌಕರರಾಗಿರಬಾರದು. ಪ್ರಶಸ್ತಿಯು ಆಯ್ಕೆ ಮಾಡುವ ಬಗ್ಗೆ ಸರ್ಕಾರದ ನಿರ್ಧಾರವೇ ಅಂತಿಮವಾಗಿರುತ್ತದೆ. ಪ್ರಶಸ್ತಿಯು ತಲಾ ಐದು ಲಕ್ಷ ರೂಪಾಯಿ ನಗದು, ಪ್ರಶಸ್ತಿ ಫಲಕ ಹಾಗೂ ಪ್ರಮಾಣ ಪತ್ರವನ್ನು ಒಳಗೊಂಡಿರುತ್ತದೆ. ಅರ್ಜಿದಾರರು ಸಮಾಜ ಸೇವೆ ಕ್ಷೇತ್ರದಲ್ಲಿ ಮಾನ್ಯತೆ ಪಡೆದಿರಬೇಕು.
ಹೊಂದಿರಬೇಕು. ಅವರು ಸಾಧನೆ ಮಾಡಿರುವ ಸಾಧನೆಗಳ ಬಗ್ಗೆ ದಾಖಲಾತಿ ಹೊಂದಿರಬೇಕು. ಪ್ರಮುಖವಾಗಿ ಪರಿಶಿಷ್ಟ ಜಾತಿ/ಪ.ವರ್ಗದವರ ಶೈಕ್ಷಣಿಕ ಪ್ರಗತಿ ಹಾಗೂ ಆರ್ಥಿಕವಾಗಿ ಸದೃಢಗೊಳಿಸಿ ಸ್ವಯಂ ಪ್ರೇರಣೆಯಿಂದ ದುಡಿಯುವ ವ್ಯಕ್ತಿಯಾಗಿರಬೇಕು. ಪರಿಶಿಷ್ಟ ಜಾತಿಯವರು ಎದುರಿಸುತ್ತಿರುವ ಅಸ್ಪೃಶ್ಯತೆ ಹಾಗೂ ಅವರ ಮೇಲೆ ನಡೆಯುವ ದೌರ್ಜನ್ಯ ಇವುಗಳ ನಿರ್ಮೂಲನ ಹಾಗೂ ಸಮಾಜದಲ್ಲಿ ಸಾಮರಸ್ಯ ಮೂಡಿಸುವಲ್ಲಿ ಶ್ರಮಿಸಿರಬೇಕು. ಪರಿಶಿಷ್ಟ ಜಾತಿಯವರ ಏಳಿಗೆಗಾಗಿ ನಿರಂತರವಾಗಿ ಶ್ರಮಿಸಿದವರು ಅರ್ಜಿ ಸಲ್ಲಿಸಬಹುದು. ಸಮಾಜ ಕಲ್ಯಾಣ ಇಲಾಖೆಯ ಜಿಲ್ಲಾ ಕಚೇರಿ ಹಾಗೂ ತಾಲ್ಲೂಕು ಕಚೇರಿಗಳಲ್ಲಿ ಅರ್ಜಿ ನಮೂನೆಗಳು ಲಭ್ಯವಿದ್ದು, ಭರ್ತಿ ಮಾಡಿದ ಅರ್ಜಿಗಳನ್ನು ನಿಗದಿತ ದಿನಾಂಕದೊಳಗೆ ಸಲ್ಲಿಸಬೇಕು. ಹೆಚ್ಚಿನ ಮಾಹಿತಿಗಾಗಿ ಕಚೇರಿ ವೇಳೆಯಲ್ಲಿ ಸಂಪರ್ಕಿಸಬಹುದಾಗಿದೆ ಎಂದು ತಿಳಿಸಿದ್ದಾರೆ.
ಕ್ಯಾಂಪಸ್ ಸಂದರ್ಶನ 6 ವಿದ್ಯಾರ್ಥಿಗಳು ಆಯ್ಕೆ
ತುಮಕೂರು: ವಿದ್ಯಾವಾಹಿನಿ ಪ್ರಥಮ ದರ್ಜೆ ಕಾಲೇಜಿನಲ್ಲಿ ಅಂತಿಮ ವರ್ಷದ ಬಿಸಿಎ ವಿದ್ಯಾರ್ಥಿಗಳಿಗೆ ಕೋಡ್‌ಯಂಗ್ ಕಂಪನಿಯಿಂದ ಎಥನೋಟೆಕ್ ಅಕಾಡೆಮಿಯ ಸಹಯೋಗದೊಂದಿಗೆ ಕ್ಯಾಂಪಸ್ ಸಂದರ್ಶನವನ್ನು ಆಯೋಜಿಸಲಾಗಿತ್ತು. ಈ ಕೋಡ್‌ಯಂಗ್ ಕಂಪನಿಯ ಉದ್ಯೋಗ ಆಯ್ಕೆ ಪ್ರಕ್ರಿಯೆಯಲ್ಲಿ ಒಟ್ಟು 06 ವಿದ್ಯಾರ್ಥಿಗಳು ಆಯ್ಕೆಯಾಗಿದ್ದು, ವಾರ್ಷಿಕ ವೇತನವಾಗಿ 8.36 ಲಕ್ಷ ರೂಪಾಯಿ ಉದ್ಯೋಗ ಅವಕಾಶ ಪಡೆದುಕೊಂಡಿದ್ದಾರೆ. ಕಂಪನಿಯಲ್ಲಿ ವಿದ್ಯಾರ್ಥಿಗಳನ್ನು ಕುರಿತು ಮಾತನಾಡಿದ ವಿದ್ಯಾವಾಹಿನಿ ಸಮೂಹ ಶಿಕ್ಷಣ ಸಂಸ್ಥೆಯ ಕಾರ್ಯದರ್ಶಿಗಳಾದ ಶ್ರೀ. ಎಸ್.ಪಿ. ಪ್ರದೀಪ್ ಕುಮಾರ್ ಅವರು ನಮ್ಮ ಅಂತಿಮ ವರ್ಷದ ಬಿಸಿಎ ವಿದ್ಯಾರ್ಥಿಗಳಲ್ಲಿ 06 ವಿದ್ಯಾರ್ಥಿಗಳು ಪ್ರತಿಷ್ಠಿತ
ಕಂಪನಿಯಲ್ಲೊಂದಾದ ಕೋಡ್‌ಯಂಗ್ ಕಂಪನಿಗೆ ಆಯ್ಕೆಯಾಗಿರುವುದು ನಮ್ಮ ಸಂಸ್ಥೆಯ ಶೈಕ್ಷಣಿಕ ಗುಣಮಟ್ಟಕ್ಕೆ ಸಾಕ್ಷಿಯಾಗಿದೆ. ವಿದ್ಯಾರ್ಥಿಗಳ ಪರಿಶ್ರಮ ಹಾಗೂ ಉಪನ್ಯಾಸಕರ ಮಾರ್ಗದರ್ಶನದಿಂದ ಈ ಸಾಧನೆ ಸಾಧ್ಯವಾಗಿದೆ. ಮುಂದಿನ ದಿನಗಳಲ್ಲಿ ಇನ್ನಷ್ಟು ಕಂಪನಿಗಳನ್ನು ಆಹ್ವಾನಿಸಿ ಕ್ಯಾಂಪಸ್ ಸಂದರ್ಶನ ಆಯೋಜಿಸಲಾಗುವುದು ಎಂದು ತಿಳಿಸಿದರು. ಕಾರ್ಯಕ್ರಮದಲ್ಲಿ ಪ್ರಾಂಶುಪಾಲರು, ಉಪನ್ಯಾಸಕರು ಹಾಗೂ ಸಿಬ್ಬಂದಿ ವರ್ಗದವರು ಉಪಸ್ಥಿತರಿದ್ದರು. ಆಯ್ಕೆಯಾದ ವಿದ್ಯಾರ್ಥಿಗಳನ್ನು ಸಂಸ್ಥೆಯ ವತಿಯಿಂದ ಅಭಿನಂದಿಸಲಾಯಿತು. ಅಕಾಡೆಮಿಯ ಶ್ರೀ ಸೈಯದ್ ಮೊಹಿನ್
ಸಹಕರಿಸುತ್ತಿದ್ದಾರೆ, ಹಾಗೂ ಕೋಡ್‌ಯಂಗ್ ಕಂಪನಿಯ ಎಚ್.ಆರ್ ಅಧಿಕಾರಿ ಹರೀಶ್ ಖಾನ್ ಹಾಗೂ ಶ್ರೀ ಮನೋಜ್ ಕುಮಾರ್ ಅವರು ಉದ್ಯೋಗ ಸಂದರ್ಶನವನ್ನು ಯಶಸ್ವಿಯಾಗಿ ನಡೆಸಿಕೊಟ್ಟರು. ಕಾಲೇಜಿನ ಪರವಾಗಿ ಅವರಿಗೆ ಧನ್ಯವಾದಗಳನ್ನು ಸಲ್ಲಿಸಲಾಯಿತು. ಎಥನೋಟೆಕ್ ಕಂಪನಿಯ ಮುಖ್ಯಸ್ಥರು ವಿದ್ಯಾರ್ಥಿಗಳಿಗೆ ತರಬೇತಿ ನೀಡಿದ್ದು, ಆಯ್ಕೆಯಾದ ವಿದ್ಯಾರ್ಥಿಗಳ ವೃತ್ತಿ ಜೀವನದ ಯಶಸ್ಸಿಗಾಗಿ ಎಂದು ಶುಭ ಹಾರೈಸಿ ಅಭಿನಂದಿಸಿದರು.
